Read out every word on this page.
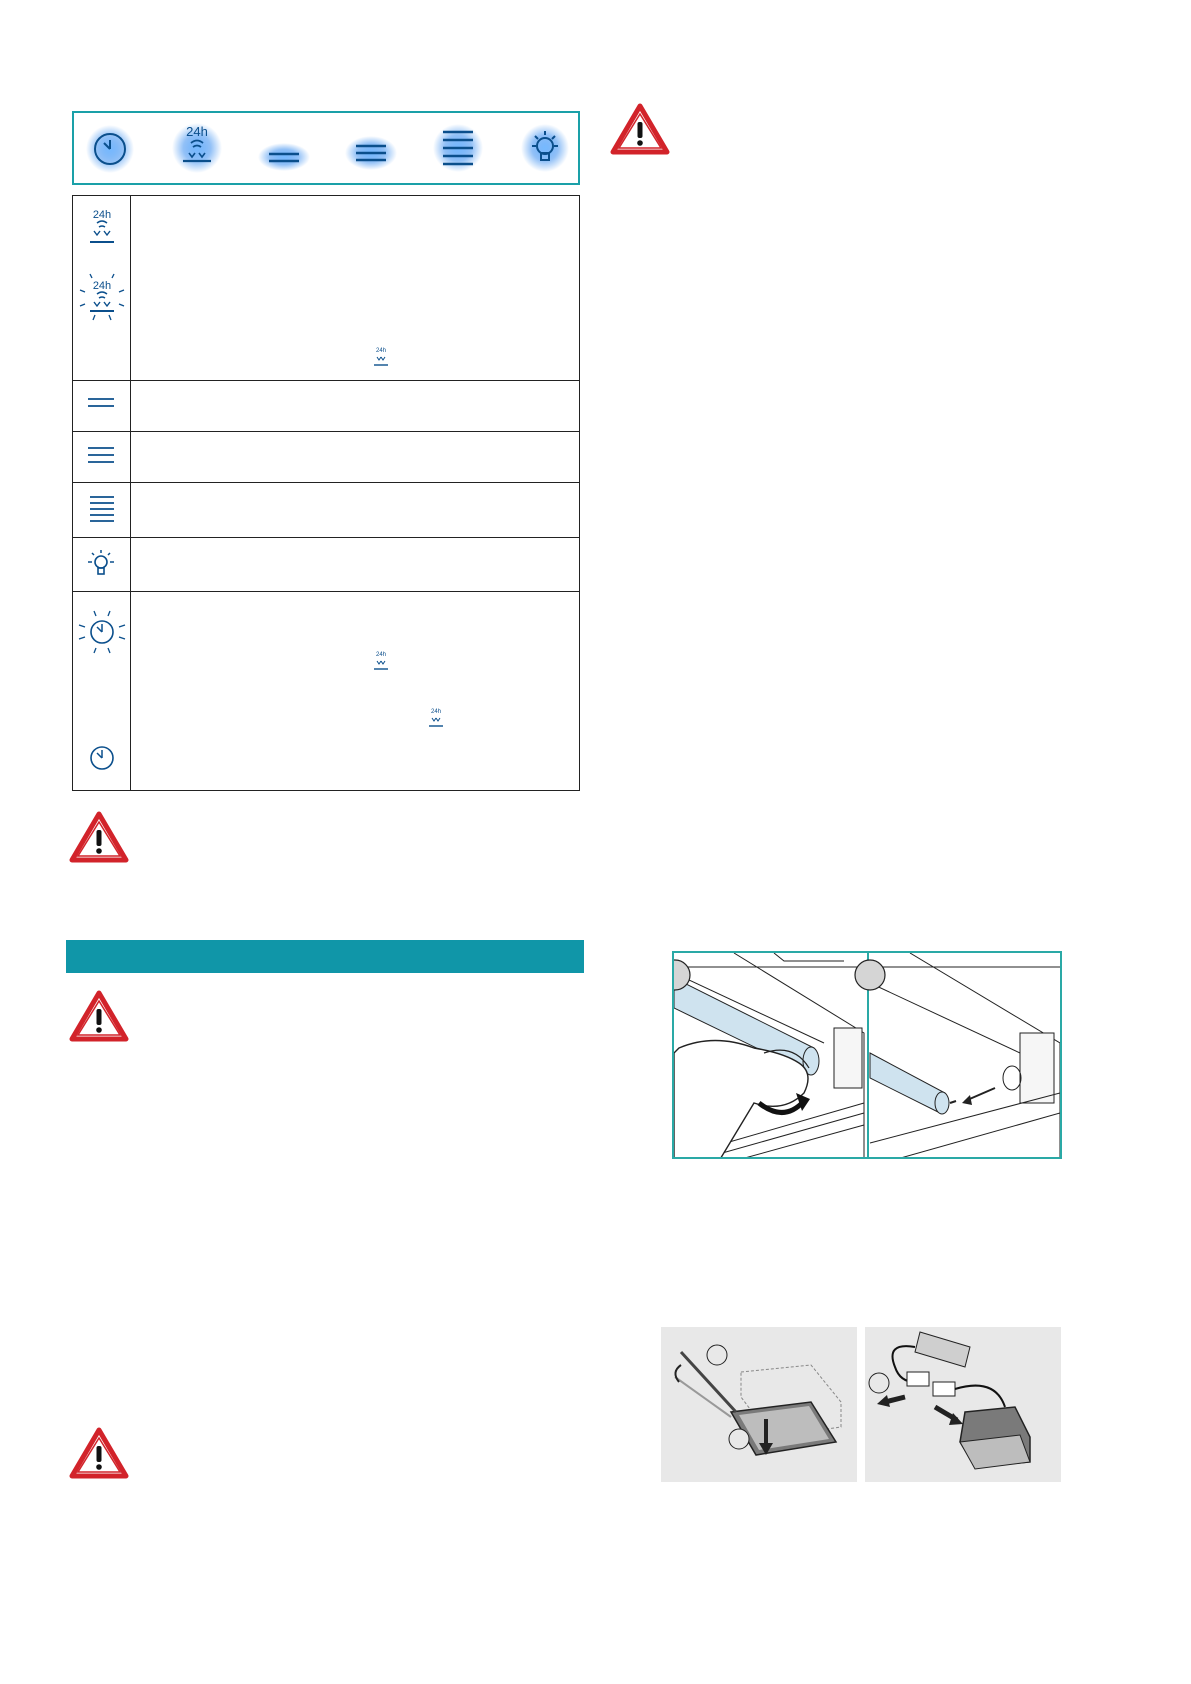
24h
24h
24h
24h
24h
24h
